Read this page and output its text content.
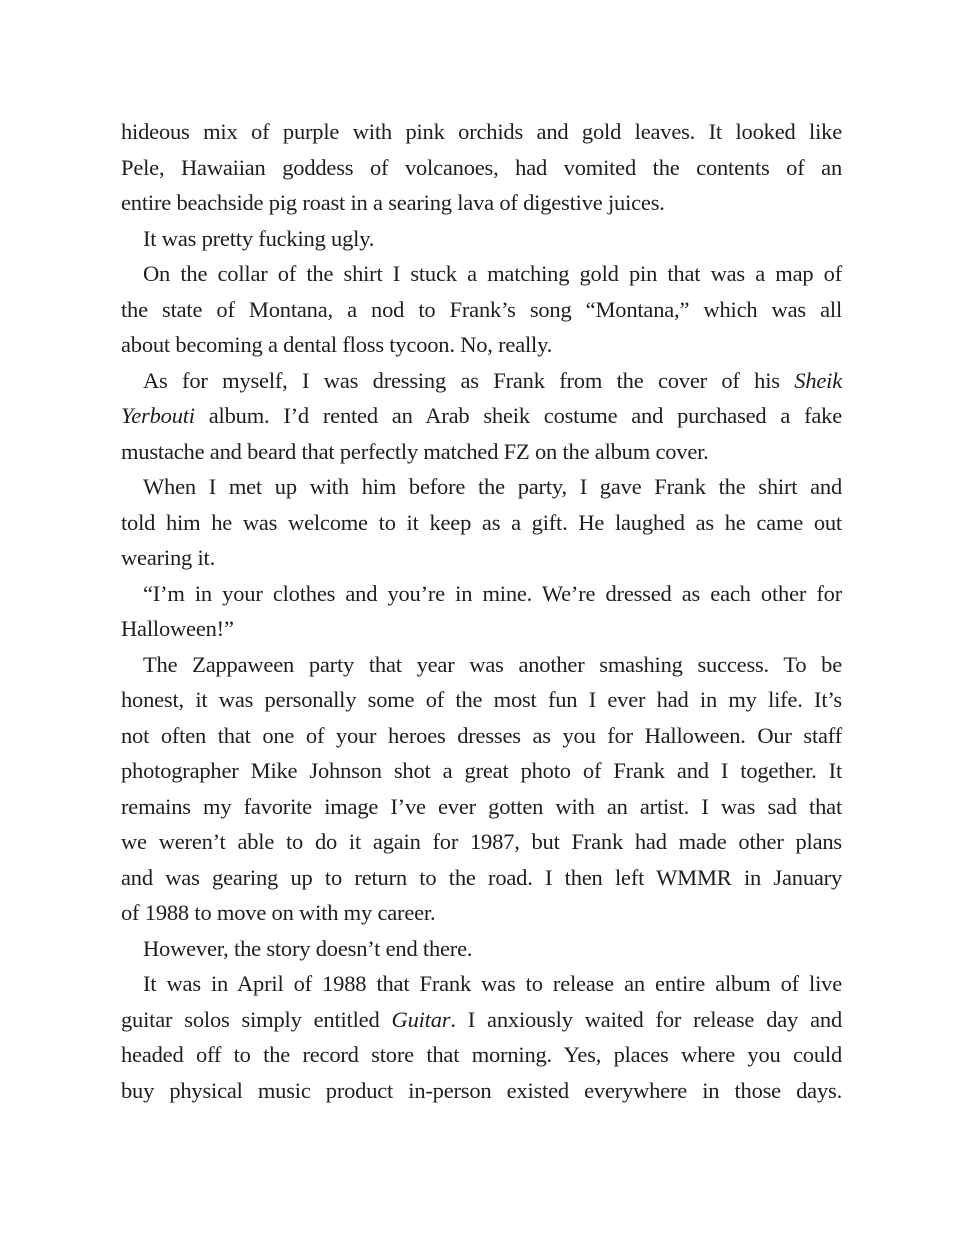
hideous mix of purple with pink orchids and gold leaves. It looked like
Pele, Hawaiian goddess of volcanoes, had vomited the contents of an
entire beachside pig roast in a searing lava of digestive juices.
It was pretty fucking ugly.
On the collar of the shirt I stuck a matching gold pin that was a map of
the state of Montana, a nod to Frank’s song “Montana,” which was all
about becoming a dental floss tycoon. No, really.
As for myself, I was dressing as Frank from the cover of his Sheik
Yerbouti album. I’d rented an Arab sheik costume and purchased a fake
mustache and beard that perfectly matched FZ on the album cover.
When I met up with him before the party, I gave Frank the shirt and
told him he was welcome to it keep as a gift. He laughed as he came out
wearing it.
“I’m in your clothes and you’re in mine. We’re dressed as each other for
Halloween!”
The Zappaween party that year was another smashing success. To be
honest, it was personally some of the most fun I ever had in my life. It’s
not often that one of your heroes dresses as you for Halloween. Our staff
photographer Mike Johnson shot a great photo of Frank and I together. It
remains my favorite image I’ve ever gotten with an artist. I was sad that
we weren’t able to do it again for 1987, but Frank had made other plans
and was gearing up to return to the road. I then left WMMR in January
of 1988 to move on with my career.
However, the story doesn’t end there.
It was in April of 1988 that Frank was to release an entire album of live
guitar solos simply entitled Guitar. I anxiously waited for release day and
headed off to the record store that morning. Yes, places where you could
buy physical music product in-person existed everywhere in those days.
